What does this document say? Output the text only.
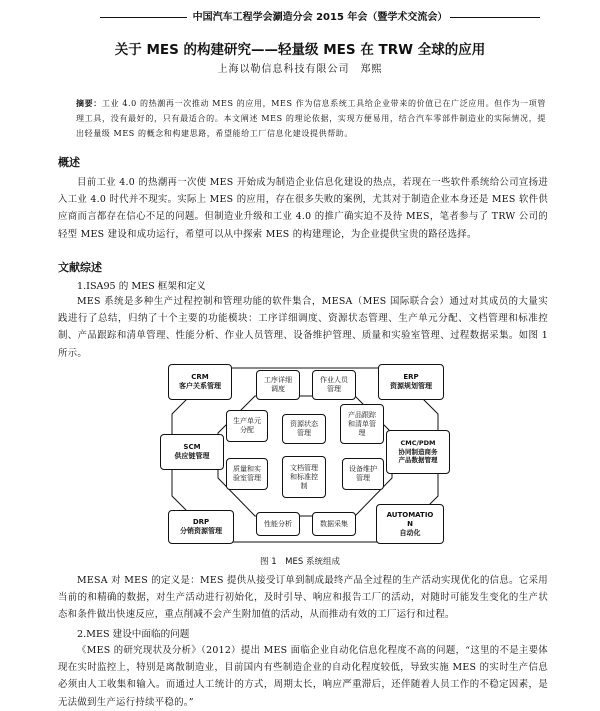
中国汽车工程学会涮造分会 2015 年会（暨学术交流会）
关于 MES 的构建研究——轻量级 MES 在 TRW 全球的应用
上海以勒信息科技有限公司　郑熙
摘要：工业 4.0 的热潮再一次推动 MES 的应用，MES 作为信息系统工具给企业带来的价值已在广泛应用。但作为一项管理工具，没有最好的，只有最适合的。本文阐述 MES 的理论依据，实现方便易用，结合汽车零部件制造业的实际情况，提出轻量级 MES 的概念和构建思路，希望能给工厂信息化建设提供帮助。
概述
目前工业 4.0 的热潮再一次使 MES 开始成为制造企业信息化建设的热点，若现在一些软件系统给公司宣扬进入工业 4.0 时代并不现实。实际上 MES 的应用，存在很多失败的案例，尤其对于制造企业本身还是 MES 软件供应商而言都存在信心不足的问题。但制造业升级和工业 4.0 的推广确实迫不及待 MES，笔者参与了 TRW 公司的轻型 MES 建设和成功运行，希望可以从中探索 MES 的构建理论，为企业提供宝贵的路径选择。
文献综述
1.ISA95 的 MES 框架和定义
MES 系统是多种生产过程控制和管理功能的软件集合，MESA（MES 国际联合会）通过对其成员的大量实践进行了总结，归纳了十个主要的功能模块：工序详细调度、资源状态管理、生产单元分配、文档管理和标准控制、产品跟踪和清单管理、性能分析、作业人员管理、设备维护管理、质量和实验室管理、过程数据采集。如图 1 所示。
CRM
客户关系管理
ERP
资源规划管理
SCM
供应链管理
CMC/PDM
协同制造商务
产品数据管理
DRP
分销资源管理
AUTOMATIO
N
自动化
工序详细
调度
作业人员
管理
生产单元
分配
资源状态
管理
产品跟踪
和清单管
理
质量和实
验室管理
文档管理
和标准控
制
设备维护
管理
性能分析	数据采集
图 1　MES 系统组成
MESA 对 MES 的定义是：MES 提供从接受订单到制成最终产品全过程的生产活动实现优化的信息。它采用当前的和精确的数据，对生产活动进行初始化，及时引导、响应和报告工厂的活动，对随时可能发生变化的生产状态和条件做出快速反应，重点削减不会产生附加值的活动，从而推动有效的工厂运行和过程。
2.MES 建设中面临的问题
《MES 的研究现状及分析》（2012）提出 MES 面临企业自动化信息化程度不高的问题，“这里的不是主要体现在实时监控上，特别是离散制造业，目前国内有些制造企业的自动化程度较低，导致实施 MES 的实时生产信息必须由人工收集和输入。而通过人工统计的方式，周期太长，响应严重滞后，还伴随着人员工作的不稳定因素，是无法做到生产运行持续平稳的。”
